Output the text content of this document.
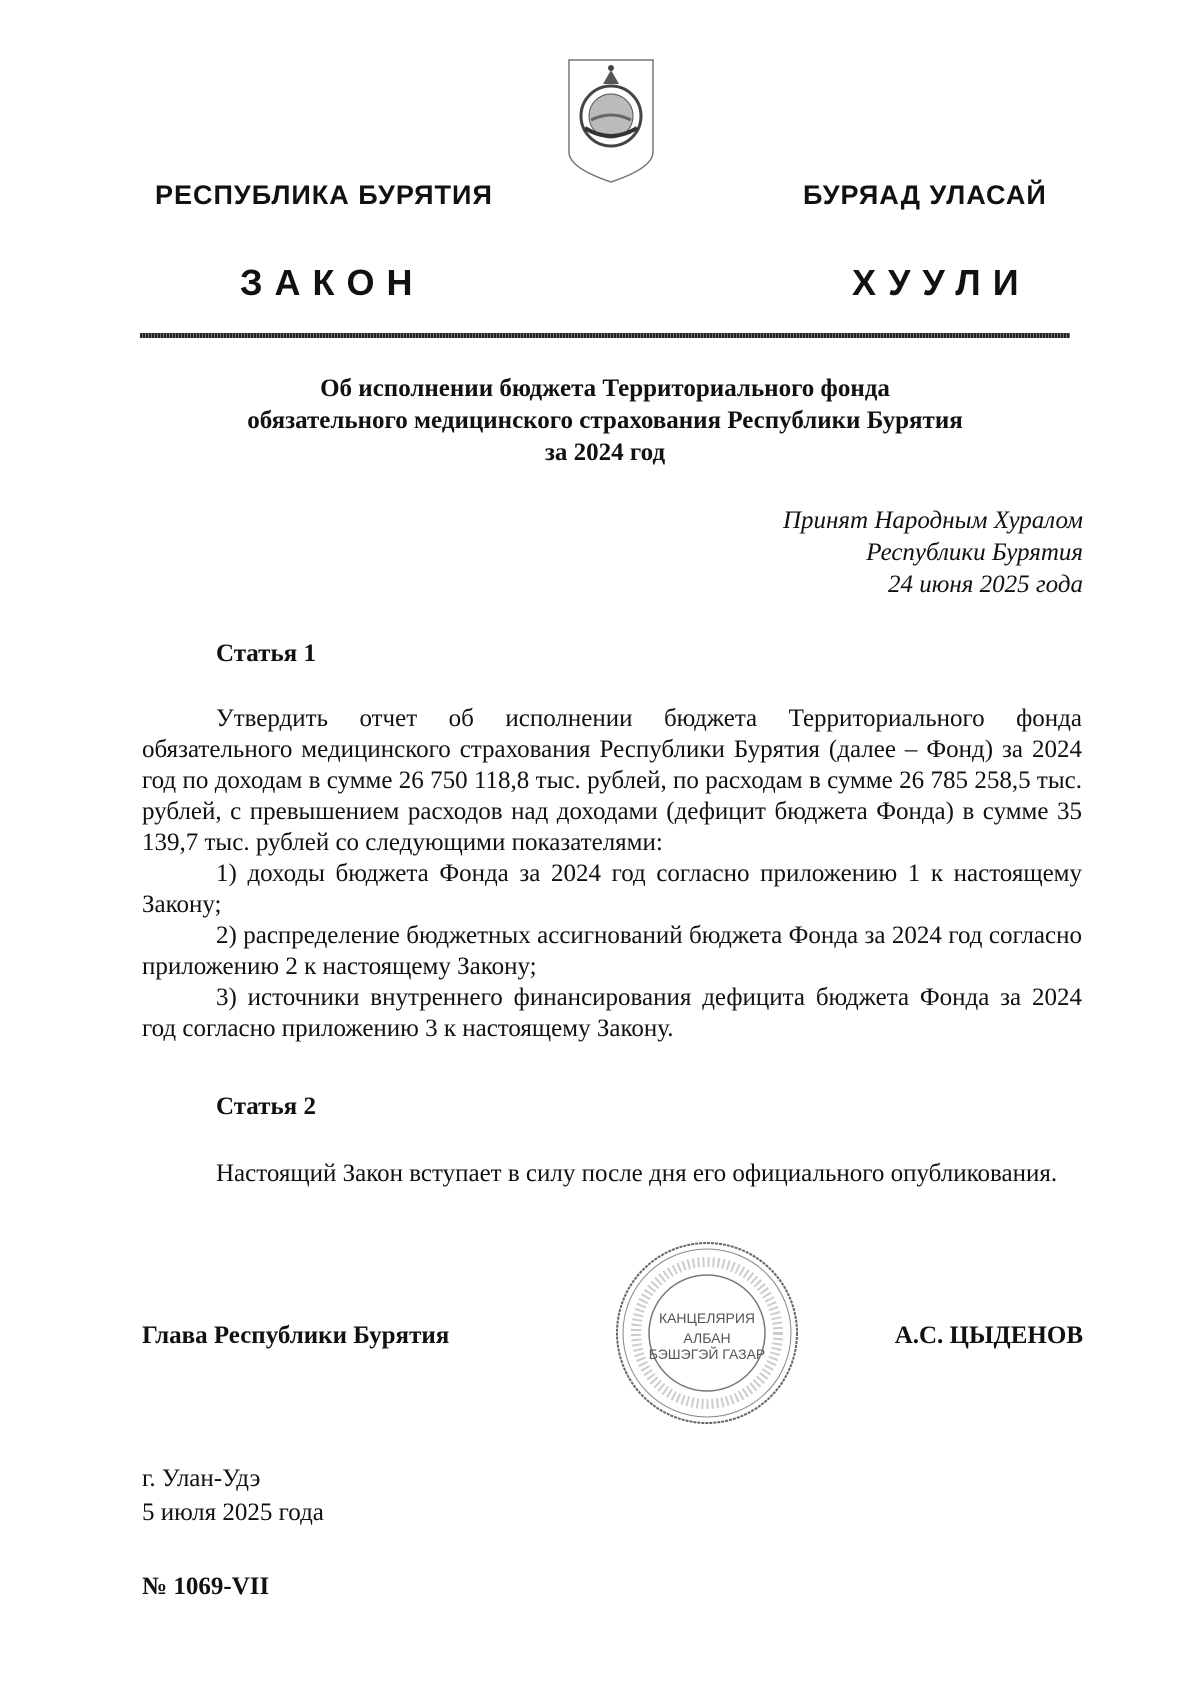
РЕСПУБЛИКА БУРЯТИЯ	БУРЯАД УЛАСАЙ
ЗАКОН	ХУУЛИ
Об исполнении бюджета Территориального фонда
обязательного медицинского страхования Республики Бурятия
за 2024 год
Принят Народным Хуралом
Республики Бурятия
24 июня 2025 года
Статья 1

Утвердить отчет об исполнении бюджета Территориального фонда обязательного медицинского страхования Республики Бурятия (далее – Фонд) за 2024 год по доходам в сумме 26 750 118,8 тыс. рублей, по расходам в сумме 26 785 258,5 тыс. рублей, с превышением расходов над доходами (дефицит бюджета Фонда) в сумме 35 139,7 тыс. рублей со следующими показателями:

1) доходы бюджета Фонда за 2024 год согласно приложению 1 к настоящему Закону;

2) распределение бюджетных ассигнований бюджета Фонда за 2024 год согласно приложению 2 к настоящему Закону;

3) источники внутреннего финансирования дефицита бюджета Фонда за 2024 год согласно приложению 3 к настоящему Закону.

Статья 2

Настоящий Закон вступает в силу после дня его официального опубликования.

Глава Республики Бурятия
КАНЦЕЛЯРИЯ
АЛБАН
БЭШЭГЭЙ ГАЗАР
А.С. ЦЫДЕНОВ
г. Улан-Удэ
5 июля 2025 года
№ 1069-VII
